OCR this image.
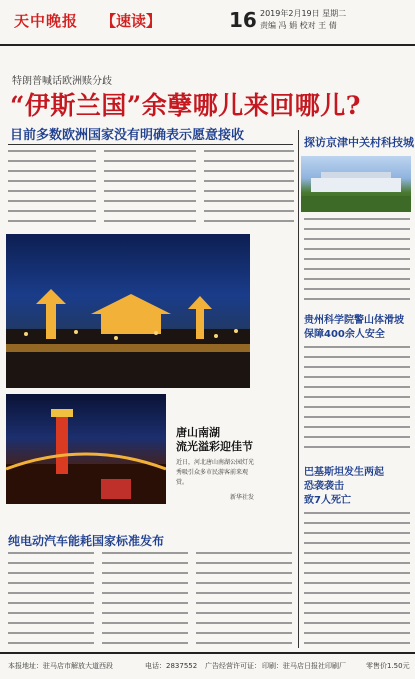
天中晚报 【速读】	16 2019年2月19日 星期二
责编 冯 娟 校对 王 倩
特朗普喊话欧洲赎分歧
“伊斯兰国”余孽哪儿来回哪儿?
目前多数欧洲国家没有明确表示愿意接收
唐山南湖
流光溢彩迎佳节
近日，河北唐山南湖公园灯光秀吸引众多市民游客前来观赏。
新华社发
纯电动汽车能耗国家标准发布
探访京津中关村科技城
贵州科学院警山体滑坡
保障400余人安全
巴基斯坦发生两起
恐袭袭击
致7人死亡
本报地址：驻马店市解放大道西段	电话：2837552 广告经营许可证： 印刷：驻马店日报社印刷厂	零售价1.50元
